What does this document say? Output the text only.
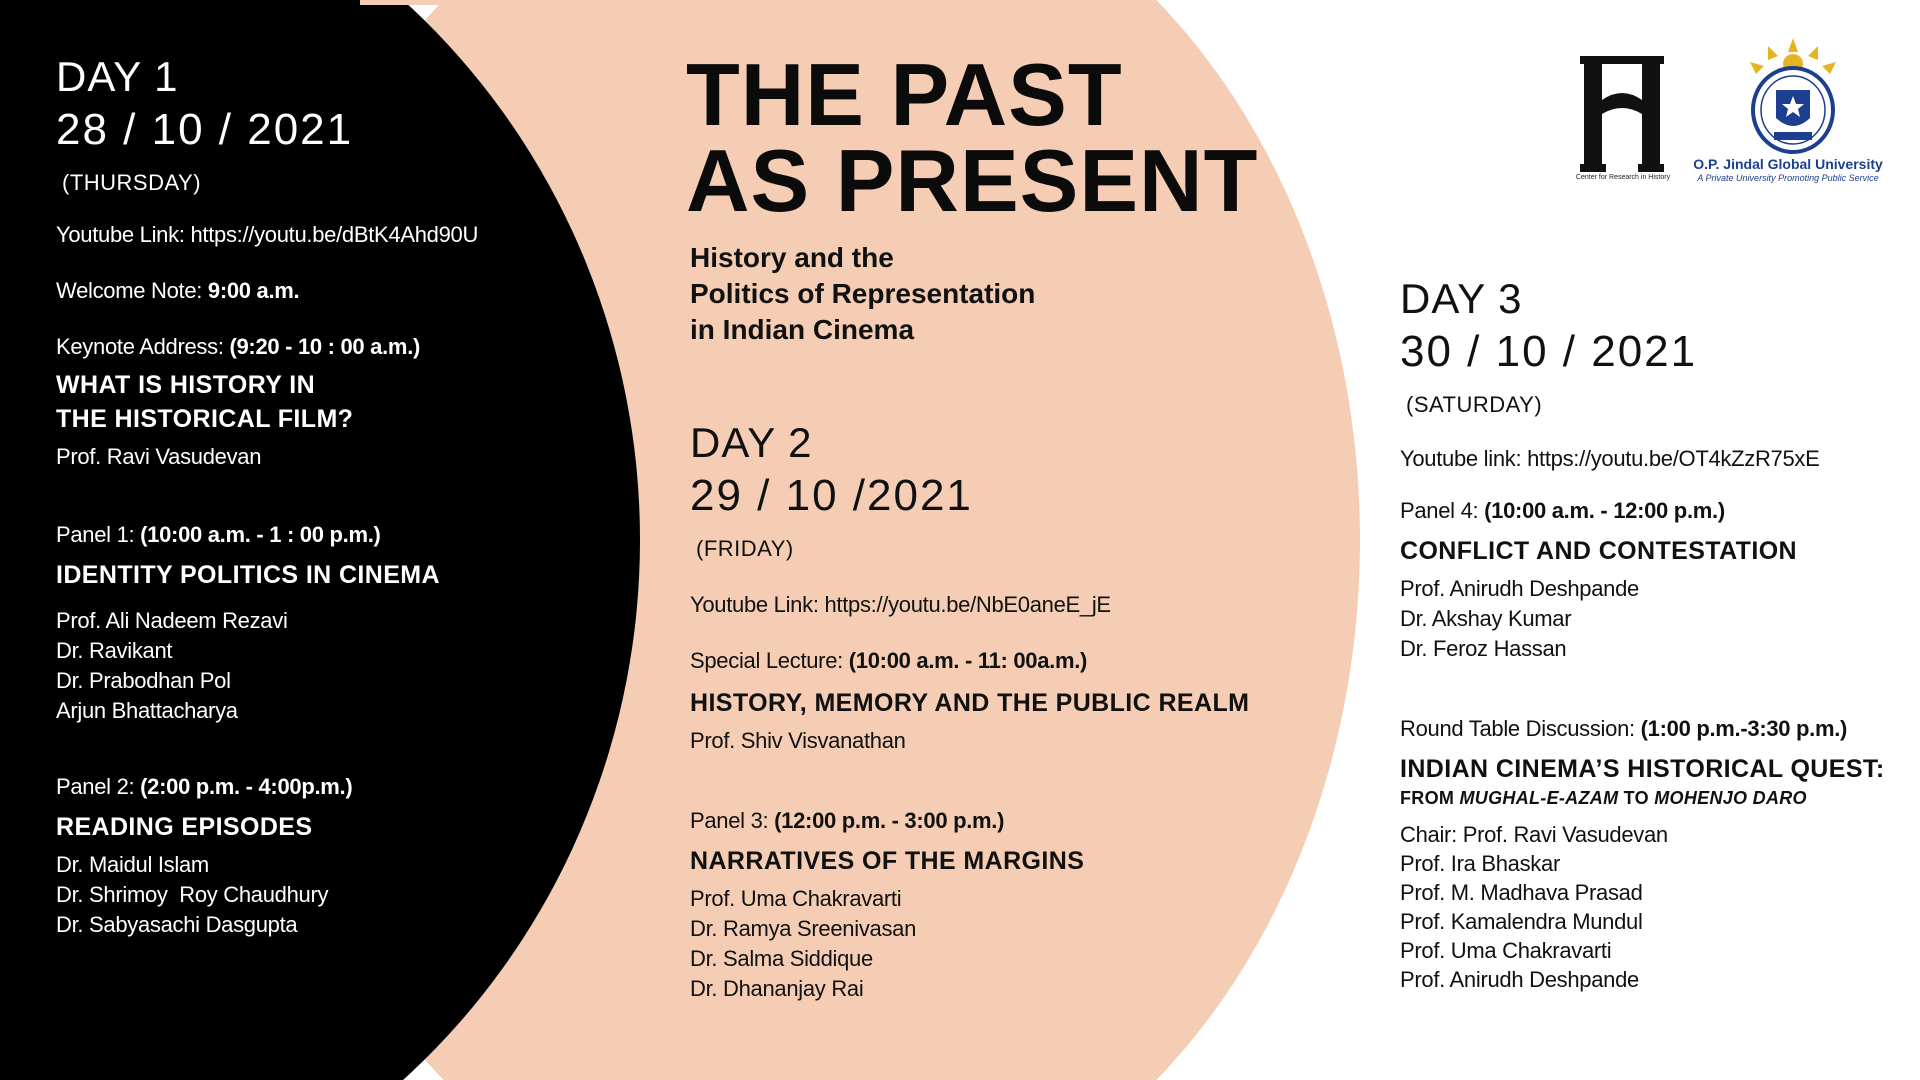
DAY 1
28 / 10 / 2021
(THURSDAY)
Youtube Link: https://youtu.be/dBtK4Ahd90U
Welcome Note: 9:00 a.m.
Keynote Address: (9:20 - 10 : 00 a.m.)
WHAT IS HISTORY IN
THE HISTORICAL FILM?
Prof. Ravi Vasudevan
Panel 1: (10:00 a.m. - 1 : 00 p.m.)
IDENTITY POLITICS IN CINEMA
Prof. Ali Nadeem Rezavi
Dr. Ravikant
Dr. Prabodhan Pol
Arjun Bhattacharya
Panel 2: (2:00 p.m. - 4:00p.m.)
READING EPISODES
Dr. Maidul Islam
Dr. Shrimoy  Roy Chaudhury
Dr. Sabyasachi Dasgupta
THE PAST
AS PRESENT
History and the
Politics of Representation
in Indian Cinema
DAY 2
29 / 10 /2021
(FRIDAY)
Youtube Link: https://youtu.be/NbE0aneE_jE
Special Lecture: (10:00 a.m. - 11: 00a.m.)
HISTORY, MEMORY AND THE PUBLIC REALM
Prof. Shiv Visvanathan
Panel 3: (12:00 p.m. - 3:00 p.m.)
NARRATIVES OF THE MARGINS
Prof. Uma Chakravarti
Dr. Ramya Sreenivasan
Dr. Salma Siddique
Dr. Dhananjay Rai
DAY 3
30 / 10 / 2021
(SATURDAY)
Youtube link: https://youtu.be/OT4kZzR75xE
Panel 4: (10:00 a.m. - 12:00 p.m.)
CONFLICT AND CONTESTATION
Prof. Anirudh Deshpande
Dr. Akshay Kumar
Dr. Feroz Hassan
Round Table Discussion: (1:00 p.m.-3:30 p.m.)
INDIAN CINEMA’S HISTORICAL QUEST:
FROM MUGHAL-E-AZAM TO MOHENJO DARO
Chair: Prof. Ravi Vasudevan
Prof. Ira Bhaskar
Prof. M. Madhava Prasad
Prof. Kamalendra Mundul
Prof. Uma Chakravarti
Prof. Anirudh Deshpande
Center for Research in History
O.P. Jindal Global University
A Private University Promoting Public Service
